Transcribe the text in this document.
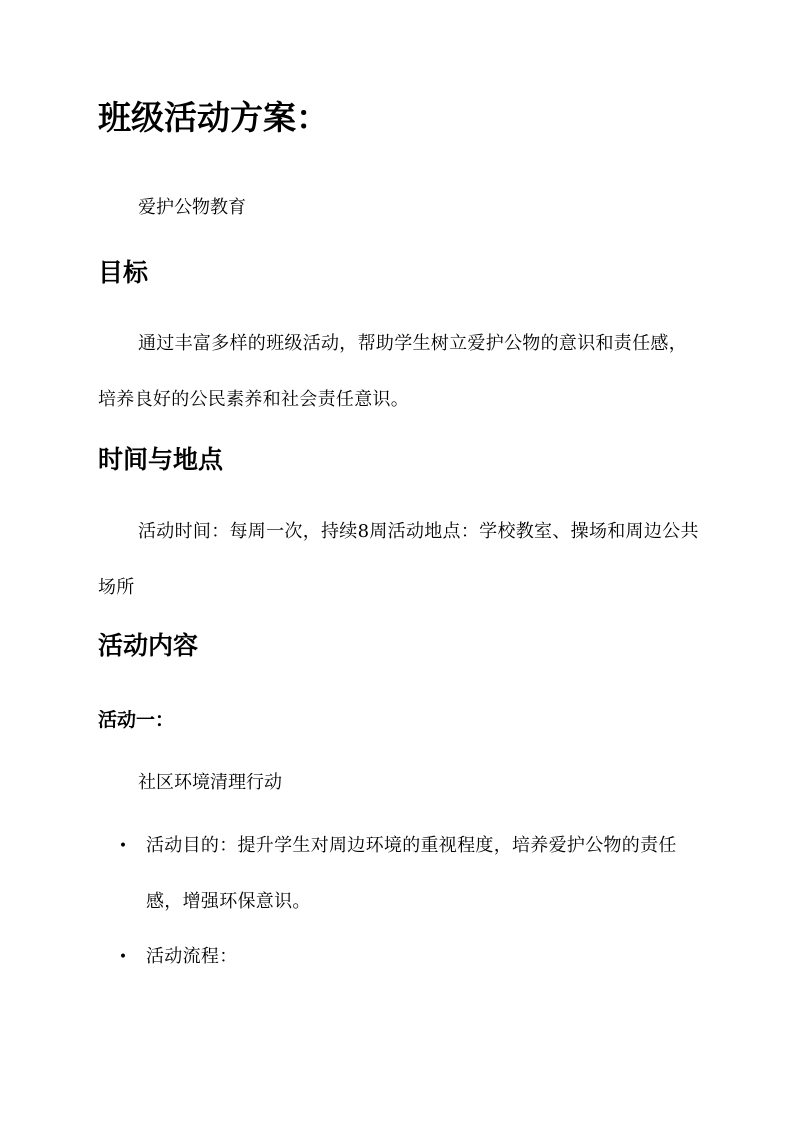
班级活动方案：
爱护公物教育
目标
通过丰富多样的班级活动，帮助学生树立爱护公物的意识和责任感，培养良好的公民素养和社会责任意识。
时间与地点
活动时间：每周一次，持续8周活动地点：学校教室、操场和周边公共场所
活动内容
活动一：
社区环境清理行动
• 活动目的：提升学生对周边环境的重视程度，培养爱护公物的责任感，增强环保意识。
• 活动流程：
